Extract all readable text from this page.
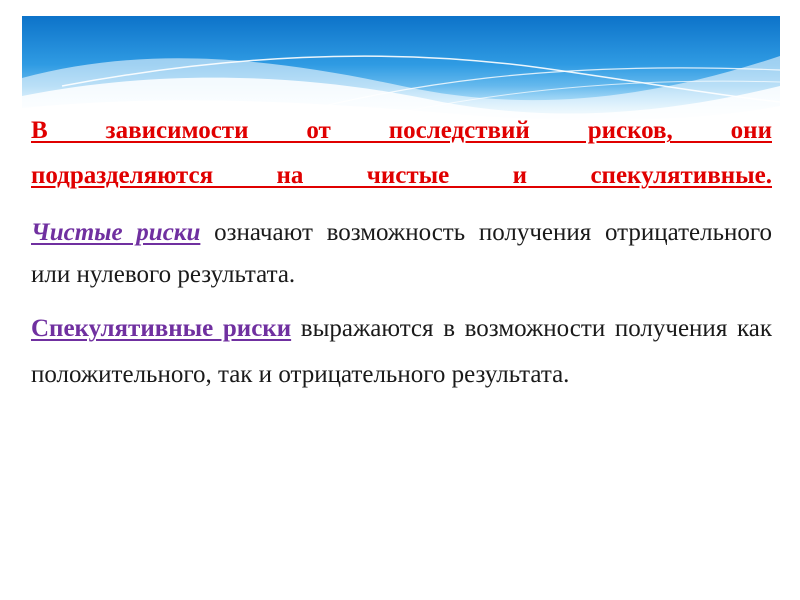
В зависимости от последствий рисков, они
подразделяются на чистые и спекулятивные.

Чистые риски означают возможность получения отрицательного или нулевого результата.

Спекулятивные риски выражаются в возможности получения как положительного, так и отрицательного результата.
